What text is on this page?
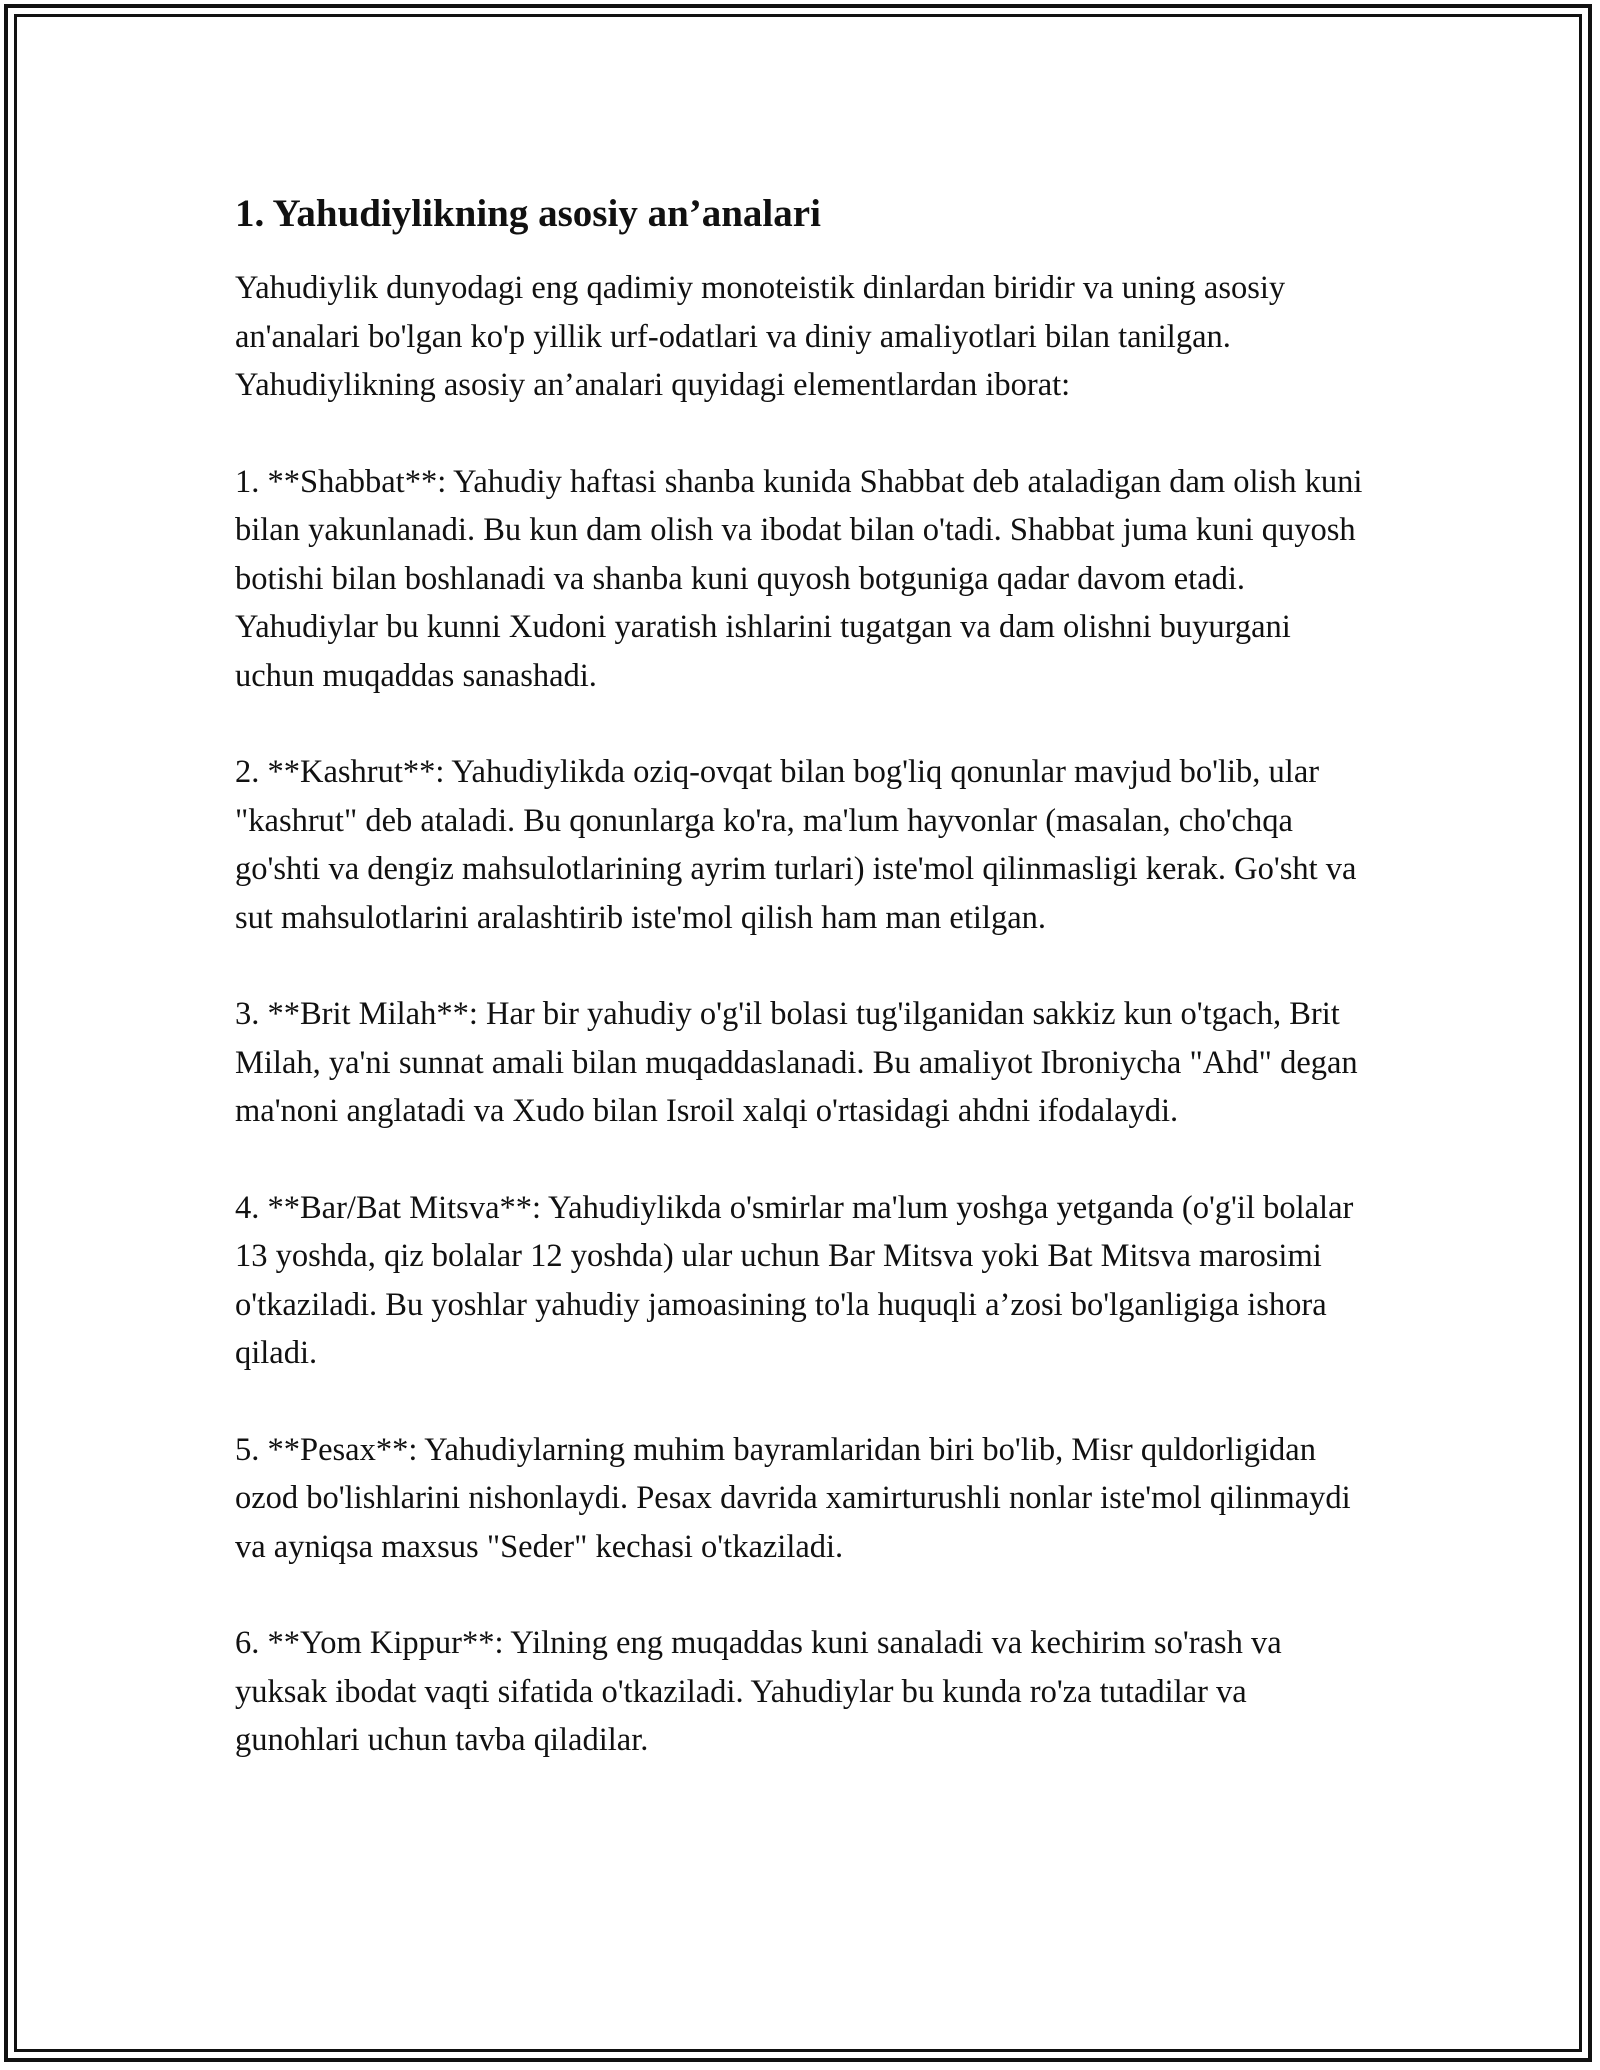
1. Yahudiylikning asosiy an’analari

Yahudiylik dunyodagi eng qadimiy monoteistik dinlardan biridir va uning asosiy an'analari bo'lgan ko'p yillik urf-odatlari va diniy amaliyotlari bilan tanilgan. Yahudiylikning asosiy an’analari quyidagi elementlardan iborat:

1. **Shabbat**: Yahudiy haftasi shanba kunida Shabbat deb ataladigan dam olish kuni bilan yakunlanadi. Bu kun dam olish va ibodat bilan o'tadi. Shabbat juma kuni quyosh botishi bilan boshlanadi va shanba kuni quyosh botguniga qadar davom etadi. Yahudiylar bu kunni Xudoni yaratish ishlarini tugatgan va dam olishni buyurgani uchun muqaddas sanashadi.

2. **Kashrut**: Yahudiylikda oziq-ovqat bilan bog'liq qonunlar mavjud bo'lib, ular "kashrut" deb ataladi. Bu qonunlarga ko'ra, ma'lum hayvonlar (masalan, cho'chqa go'shti va dengiz mahsulotlarining ayrim turlari) iste'mol qilinmasligi kerak. Go'sht va sut mahsulotlarini aralashtirib iste'mol qilish ham man etilgan.

3. **Brit Milah**: Har bir yahudiy o'g'il bolasi tug'ilganidan sakkiz kun o'tgach, Brit Milah, ya'ni sunnat amali bilan muqaddaslanadi. Bu amaliyot Ibroniycha "Ahd" degan ma'noni anglatadi va Xudo bilan Isroil xalqi o'rtasidagi ahdni ifodalaydi.

4. **Bar/Bat Mitsva**: Yahudiylikda o'smirlar ma'lum yoshga yetganda (o'g'il bolalar 13 yoshda, qiz bolalar 12 yoshda) ular uchun Bar Mitsva yoki Bat Mitsva marosimi o'tkaziladi. Bu yoshlar yahudiy jamoasining to'la huquqli a’zosi bo'lganligiga ishora qiladi.

5. **Pesax**: Yahudiylarning muhim bayramlaridan biri bo'lib, Misr quldorligidan ozod bo'lishlarini nishonlaydi. Pesax davrida xamirturushli nonlar iste'mol qilinmaydi va ayniqsa maxsus "Seder" kechasi o'tkaziladi.

6. **Yom Kippur**: Yilning eng muqaddas kuni sanaladi va kechirim so'rash va yuksak ibodat vaqti sifatida o'tkaziladi. Yahudiylar bu kunda ro'za tutadilar va gunohlari uchun tavba qiladilar.
